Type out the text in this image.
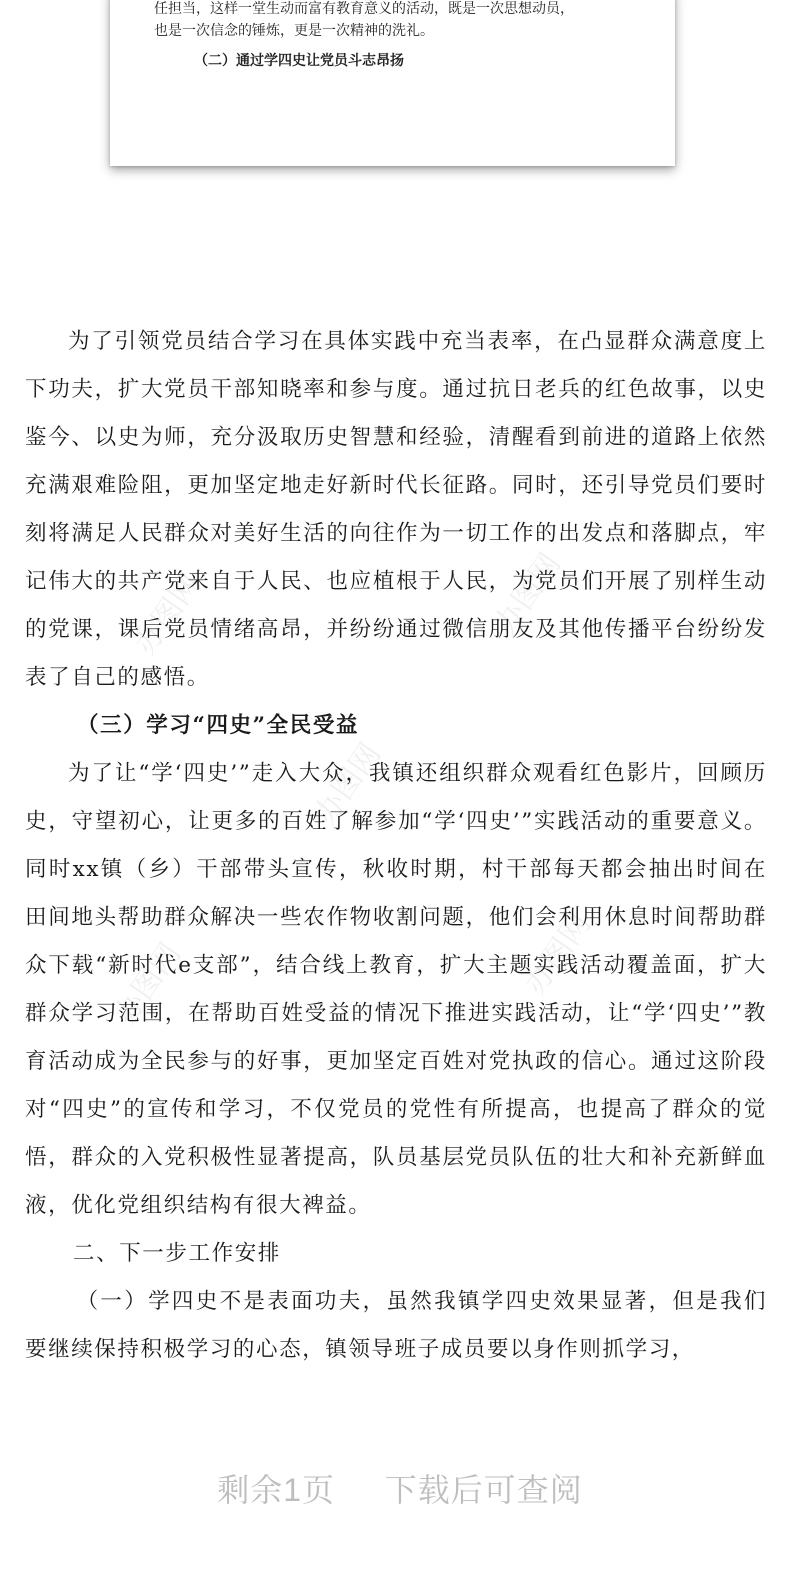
任担当，这样一堂生动而富有教育意义的活动，既是一次思想动员，
也是一次信念的锤炼，更是一次精神的洗礼。
（二）通过学四史让党员斗志昂扬
办图网	办图网
办图网
办图网
办图网

为了引领党员结合学习在具体实践中充当表率，在凸显群众满意度上下功夫，扩大党员干部知晓率和参与度。通过抗日老兵的红色故事，以史鉴今、以史为师，充分汲取历史智慧和经验，清醒看到前进的道路上依然充满艰难险阻，更加坚定地走好新时代长征路。同时，还引导党员们要时刻将满足人民群众对美好生活的向往作为一切工作的出发点和落脚点，牢记伟大的共产党来自于人民、也应植根于人民，为党员们开展了别样生动的党课，课后党员情绪高昂，并纷纷通过微信朋友及其他传播平台纷纷发表了自己的感悟。

（三）学习“四史”全民受益

为了让“学‘四史’”走入大众，我镇还组织群众观看红色影片，回顾历史，守望初心，让更多的百姓了解参加“学‘四史’”实践活动的重要意义。同时xx镇（乡）干部带头宣传，秋收时期，村干部每天都会抽出时间在田间地头帮助群众解决一些农作物收割问题，他们会利用休息时间帮助群众下载“新时代e支部”，结合线上教育，扩大主题实践活动覆盖面，扩大群众学习范围，在帮助百姓受益的情况下推进实践活动，让“学‘四史’”教育活动成为全民参与的好事，更加坚定百姓对党执政的信心。通过这阶段对“四史”的宣传和学习，不仅党员的党性有所提高，也提高了群众的觉悟，群众的入党积极性显著提高，队员基层党员队伍的壮大和补充新鲜血液，优化党组织结构有很大裨益。

二、下一步工作安排

（一）学四史不是表面功夫，虽然我镇学四史效果显著，但是我们要继续保持积极学习的心态，镇领导班子成员要以身作则抓学习，

剩余1页 下载后可查阅
